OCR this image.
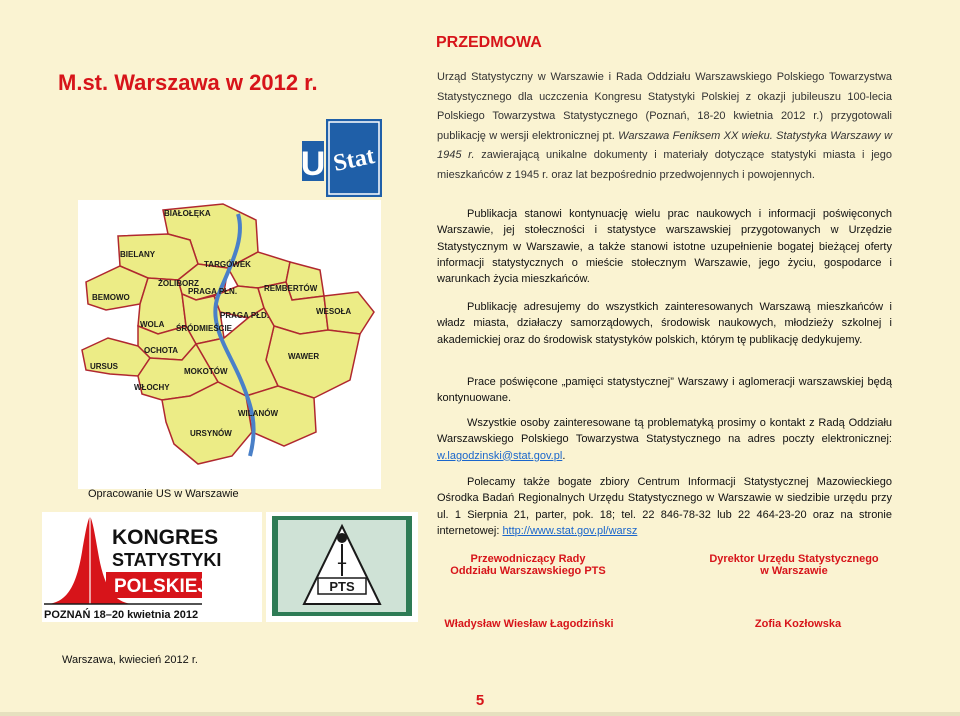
PRZEDMOWA
M.st. Warszawa w 2012 r.
U Stat
Urząd Statystyczny w Warszawie i Rada Oddziału Warszawskiego Polskiego Towarzystwa Statystycznego dla uczczenia Kongresu Statystyki Polskiej z okazji jubileuszu 100-lecia Polskiego Towarzystwa Statystycznego (Poznań, 18-20 kwietnia 2012 r.) przygotowali publikację w wersji elektronicznej pt. Warszawa Feniksem XX wieku. Statystyka Warszawy w 1945 r. zawierającą unikalne dokumenty i materiały dotyczące statystyki miasta i jego mieszkańców z 1945 r. oraz lat bezpośrednio przedwojennych i powojennych.
BIAŁOŁĘKA
BIELANY
ŻOLIBORZ
TARGÓWEK
BEMOWO
PRAGA PŁN.	REMBERTÓW
WOLA
PRAGA PŁD.	WESOŁA
ŚRÓDMIEŚCIE
OCHOTA
URSUS
WAWER
MOKOTÓW
WŁOCHY
WILANÓW
URSYNÓW
Opracowanie US w Warszawie
KONGRES
STATYSTYKI
POLSKIEJ
POZNAŃ 18–20 kwietnia 2012
T
PTS
Publikacja stanowi kontynuację wielu prac naukowych i informacji poświęconych Warszawie, jej stołeczności i statystyce warszawskiej przygotowanych w Urzędzie Statystycznym w Warszawie, a także stanowi istotne uzupełnienie bogatej bieżącej oferty informacji statystycznych o mieście stołecznym Warszawie, jego życiu, gospodarce i warunkach życia mieszkańców.
Publikację adresujemy do wszystkich zainteresowanych Warszawą mieszkańców i władz miasta, działaczy samorządowych, środowisk naukowych, młodzieży szkolnej i akademickiej oraz do środowisk statystyków polskich, którym tę publikację dedykujemy.
Prace poświęcone „pamięci statystycznej” Warszawy i aglomeracji warszawskiej będą kontynuowane.
Wszystkie osoby zainteresowane tą problematyką prosimy o kontakt z Radą Oddziału Warszawskiego Polskiego Towarzystwa Statystycznego na adres poczty elektronicznej: w.lagodzinski@stat.gov.pl.
Polecamy także bogate zbiory Centrum Informacji Statystycznej Mazowieckiego Ośrodka Badań Regionalnych Urzędu Statystycznego w Warszawie w siedzibie urzędu przy ul. 1 Sierpnia 21, parter, pok. 18; tel. 22 846-78-32 lub 22 464-23-20 oraz na stronie internetowej: http://www.stat.gov.pl/warsz
Przewodniczący Rady
Oddziału Warszawskiego PTS
Dyrektor Urzędu Statystycznego
w Warszawie
Władysław Wiesław Łagodziński	Zofia Kozłowska
Warszawa, kwiecień 2012 r.
5
